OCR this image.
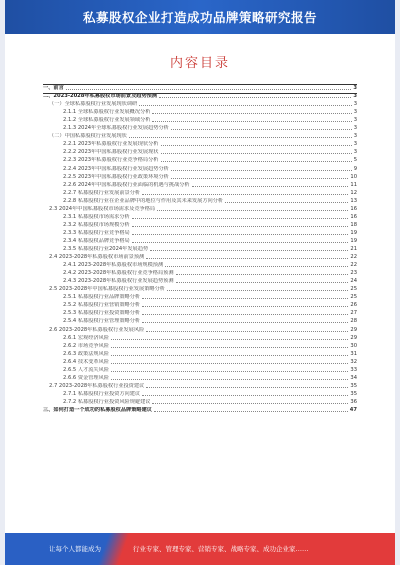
私募股权企业打造成功品牌策略研究报告
内容目录
一、前言	3
二、2023-2028年私募股权市场前景及趋势预测	3
（一）全球私募股权行业发展现状调研	3
2.1.1 全球私募股权行业发展概况分析	3
2.1.2 全球私募股权行业发展领域分析	3
2.1.3 2024年全球私募股权行业发展趋势分析	3
（二）中国私募股权行业发展现状	3
2.2.1 2023年私募股权行业发展现状分析	3
2.2.2 2023年中国私募股权行业发展现状	3
2.2.3 2023年私募股权行业竞争格局分析	5
2.2.4 2023年中国私募股权行业发展趋势分析	9
2.2.5 2023年中国私募股权行业政策环境分析	10
2.2.6 2024年中国私募股权行业面临的机遇与挑战分析	11
2.2.7 私募股权行业发展前景分析	12
2.2.8 私募股权行业在企业品牌中的地位与作用及其未来发展方向分析	13
2.3 2024年中国私募股权市场需求及竞争格局	16
2.3.1 私募股权市场需求分析	16
2.3.2 私募股权市场规模分析	18
2.3.3 私募股权行业竞争格局	19
2.3.4 私募股权品牌竞争格局	19
2.3.5 私募股权行业2024年发展趋势	21
2.4 2023-2028年私募股权市场前景预测	22
2.4.1 2023-2028年私募股权市场规模预测	22
2.4.2 2023-2028年私募股权行业竞争格局预测	23
2.4.3 2023-2028年私募股权行业发展趋势预测	24
2.5 2023-2028年中国私募股权行业发展策略分析	25
2.5.1 私募股权行业品牌策略分析	25
2.5.2 私募股权行业营销策略分析	26
2.5.3 私募股权行业投资策略分析	27
2.5.4 私募股权行业管理策略分析	28
2.6 2023-2028年私募股权行业发展风险	29
2.6.1 宏观经济风险	29
2.6.2 市场竞争风险	30
2.6.3 政策法规风险	31
2.6.4 技术变革风险	32
2.6.5 人才流失风险	33
2.6.6 资金管理风险	34
2.7 2023-2028年私募股权行业投资建议	35
2.7.1 私募股权行业投资方向建议	35
2.7.2 私募股权行业投资风险规避建议	36
三、如何打造一个成功的私募股权品牌策略建议	47
让每个人都能成为	行业专家、管理专家、营销专家、战略专家、成功企业家……
